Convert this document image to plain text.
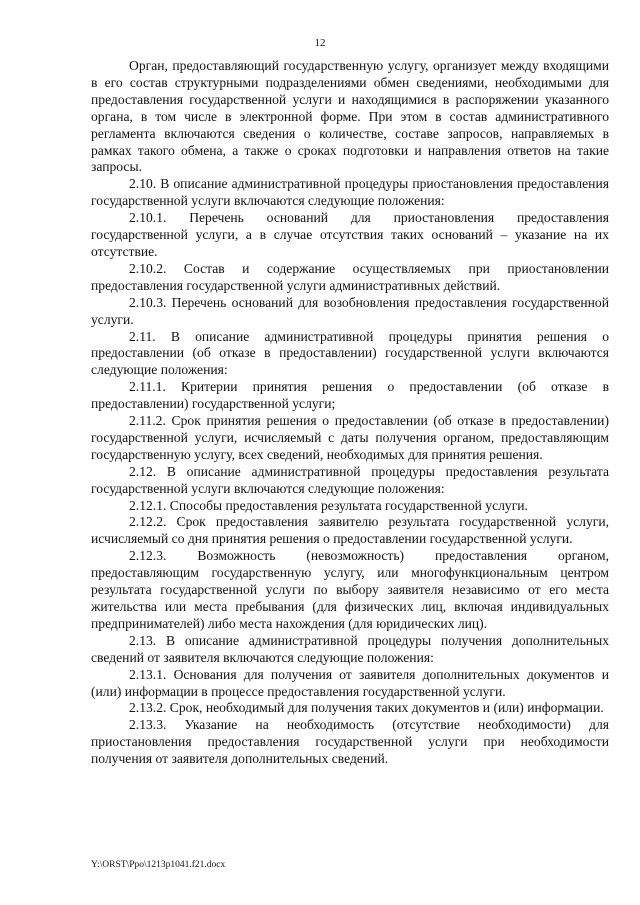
12

Орган, предоставляющий государственную услугу, организует между входящими в его состав структурными подразделениями обмен сведениями, необходимыми для предоставления государственной услуги и находящимися в распоряжении указанного органа, в том числе в электронной форме. При этом в состав административного регламента включаются сведения о количестве, составе запросов, направляемых в рамках такого обмена, а также о сроках подготовки и направления ответов на такие запросы.

2.10. В описание административной процедуры приостановления предоставления государственной услуги включаются следующие положения:

2.10.1. Перечень оснований для приостановления предоставления государственной услуги, а в случае отсутствия таких оснований – указание на их отсутствие.

2.10.2. Состав и содержание осуществляемых при приостановлении предоставления государственной услуги административных действий.

2.10.3. Перечень оснований для возобновления предоставления государственной услуги.

2.11. В описание административной процедуры принятия решения о предоставлении (об отказе в предоставлении) государственной услуги включаются следующие положения:

2.11.1. Критерии принятия решения о предоставлении (об отказе в предоставлении) государственной услуги;

2.11.2. Срок принятия решения о предоставлении (об отказе в предоставлении) государственной услуги, исчисляемый с даты получения органом, предоставляющим государственную услугу, всех сведений, необходимых для принятия решения.

2.12. В описание административной процедуры предоставления результата государственной услуги включаются следующие положения:

2.12.1. Способы предоставления результата государственной услуги.

2.12.2. Срок предоставления заявителю результата государственной услуги, исчисляемый со дня принятия решения о предоставлении государственной услуги.

2.12.3. Возможность (невозможность) предоставления органом, предоставляющим государственную услугу, или многофункциональным центром результата государственной услуги по выбору заявителя независимо от его места жительства или места пребывания (для физических лиц, включая индивидуальных предпринимателей) либо места нахождения (для юридических лиц).

2.13. В описание административной процедуры получения дополнительных сведений от заявителя включаются следующие положения:

2.13.1. Основания для получения от заявителя дополнительных документов и (или) информации в процессе предоставления государственной услуги.

2.13.2. Срок, необходимый для получения таких документов и (или) информации.

2.13.3. Указание на необходимость (отсутствие необходимости) для приостановления предоставления государственной услуги при необходимости получения от заявителя дополнительных сведений.

Y:\ORST\Ppo\1213p1041.f21.docx
